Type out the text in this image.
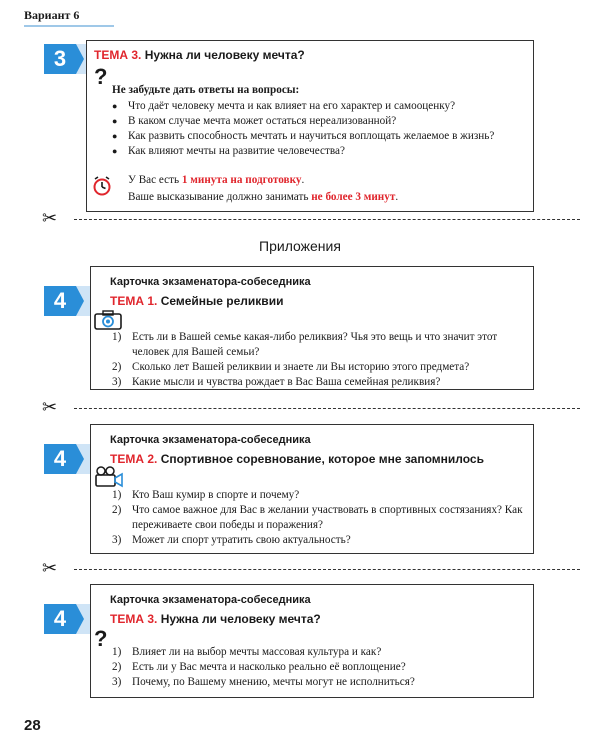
Вариант 6
3	ТЕМА 3. Нужна ли человеку мечта?
?
Не забудьте дать ответы на вопросы:
● Что даёт человеку мечта и как влияет на его характер и самооценку?
● В каком случае мечта может остаться нереализованной?
● Как развить способность мечтать и научиться воплощать желаемое в жизнь?
● Как влияют мечты на развитие человечества?
У Вас есть 1 минута на подготовку.
Ваше высказывание должно занимать не более 3 минут.
✂
Приложения
4
Карточка экзаменатора-собеседника
ТЕМА 1. Семейные реликвии
1) Есть ли в Вашей семье какая-либо реликвия? Чья это вещь и что значит этот человек для Вашей семьи?
2) Сколько лет Вашей реликвии и знаете ли Вы историю этого предмета?
3) Какие мысли и чувства рождает в Вас Ваша семейная реликвия?
✂
4
Карточка экзаменатора-собеседника
ТЕМА 2. Спортивное соревнование, которое мне запомнилось
1) Кто Ваш кумир в спорте и почему?
2) Что самое важное для Вас в желании участвовать в спортивных состязаниях? Как переживаете свои победы и поражения?
3) Может ли спорт утратить свою актуальность?
✂
4
Карточка экзаменатора-собеседника
ТЕМА 3. Нужна ли человеку мечта?
?
1) Влияет ли на выбор мечты массовая культура и как?
2) Есть ли у Вас мечта и насколько реально её воплощение?
3) Почему, по Вашему мнению, мечты могут не исполниться?
28
